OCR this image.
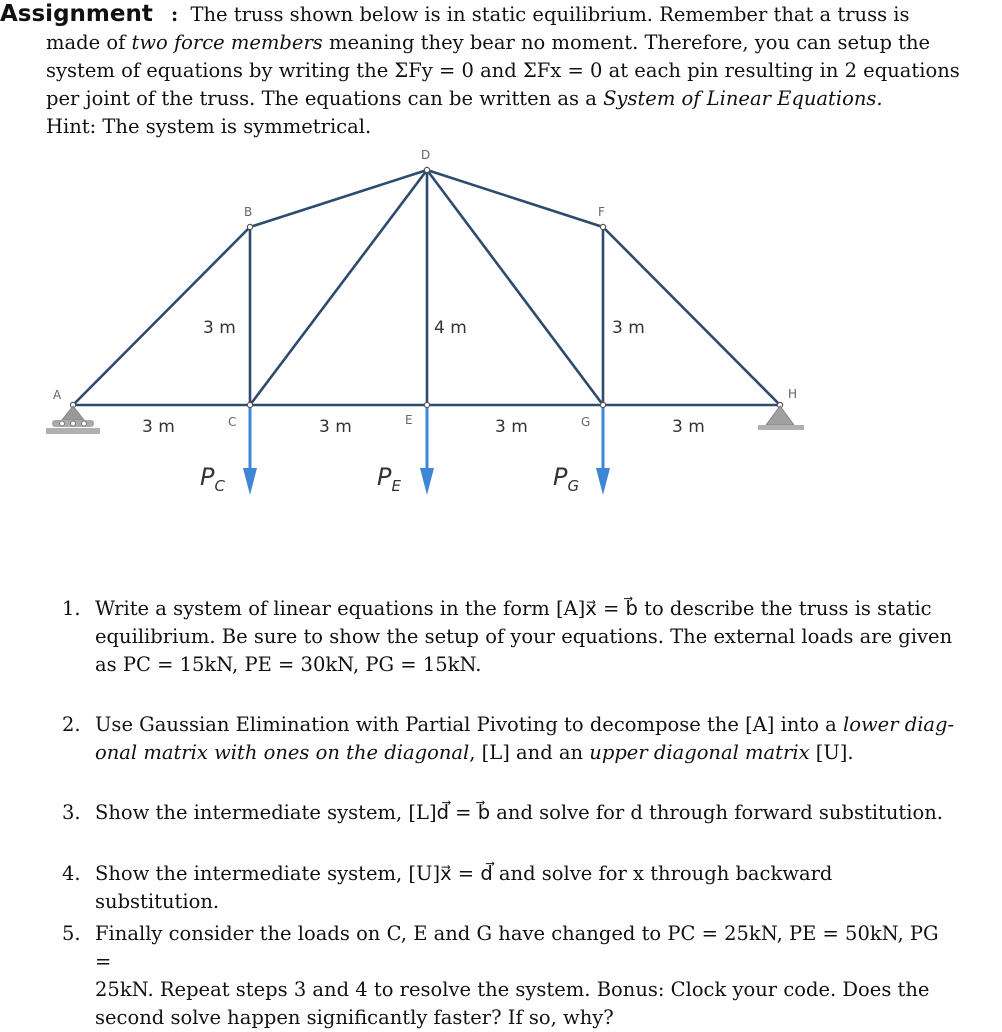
Assignment : The truss shown below is in static equilibrium. Remember that a truss is
made of two force members meaning they bear no moment. Therefore, you can setup the
system of equations by writing the ΣFy = 0 and ΣFx = 0 at each pin resulting in 2 equations
per joint of the truss. The equations can be written as a System of Linear Equations.
Hint: The system is symmetrical.
A
B
C
D
E
F
G
H
3 m	4 m	3 m
3 m	3 m	3 m	3 m
PC	PE	PG
1. Write a system of linear equations in the form [A]x⃗ = b⃗ to describe the truss is static
equilibrium. Be sure to show the setup of your equations. The external loads are given
as PC = 15kN, PE = 30kN, PG = 15kN.
2. Use Gaussian Elimination with Partial Pivoting to decompose the [A] into a lower diag-
onal matrix with ones on the diagonal, [L] and an upper diagonal matrix [U].
3. Show the intermediate system, [L]d⃗ = b⃗ and solve for d through forward substitution.
4. Show the intermediate system, [U]x⃗ = d⃗ and solve for x through backward substitution.
5. Finally consider the loads on C, E and G have changed to PC = 25kN, PE = 50kN, PG =
25kN. Repeat steps 3 and 4 to resolve the system. Bonus: Clock your code. Does the
second solve happen significantly faster? If so, why?
